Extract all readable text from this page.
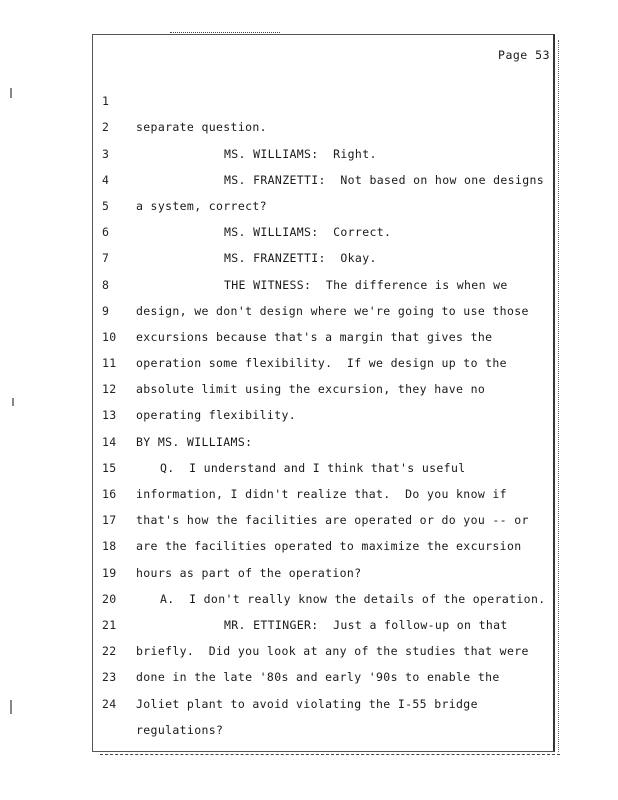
Page 53

1

separate question.

2

MS. WILLIAMS:  Right.

3

MS. FRANZETTI:  Not based on how one designs

4

a system, correct?

5

MS. WILLIAMS:  Correct.

6

MS. FRANZETTI:  Okay.

7

THE WITNESS:  The difference is when we

8

design, we don't design where we're going to use those

9

excursions because that's a margin that gives the

10

operation some flexibility.  If we design up to the

11

absolute limit using the excursion, they have no

12

operating flexibility.

13

BY MS. WILLIAMS:

14

Q.  I understand and I think that's useful

15

information, I didn't realize that.  Do you know if

16

that's how the facilities are operated or do you -- or

17

are the facilities operated to maximize the excursion

18

hours as part of the operation?

19

A.  I don't really know the details of the operation.

20

MR. ETTINGER:  Just a follow-up on that

21

briefly.  Did you look at any of the studies that were

22

done in the late '80s and early '90s to enable the

23

Joliet plant to avoid violating the I-55 bridge

24

regulations?
